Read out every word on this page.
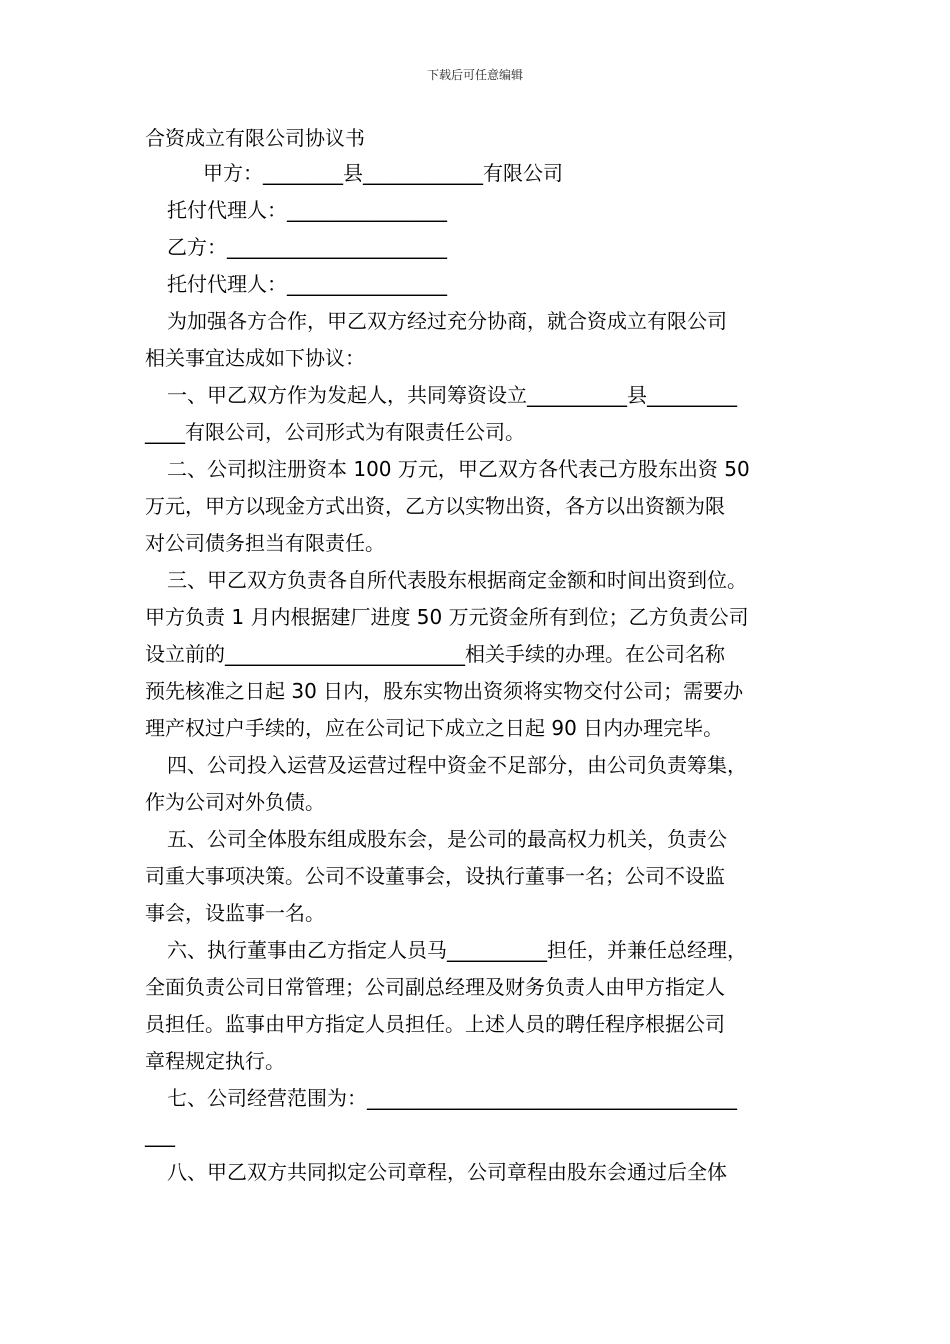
下载后可任意编辑
合资成立有限公司协议书
甲方：________县____________有限公司
托付代理人：________________
乙方：______________________
托付代理人：________________
为加强各方合作，甲乙双方经过充分协商，就合资成立有限公司
相关事宜达成如下协议：
一、甲乙双方作为发起人，共同筹资设立__________县_________
____有限公司，公司形式为有限责任公司。
二、公司拟注册资本 100 万元，甲乙双方各代表己方股东出资 50
万元，甲方以现金方式出资，乙方以实物出资，各方以出资额为限
对公司债务担当有限责任。
三、甲乙双方负责各自所代表股东根据商定金额和时间出资到位。
甲方负责 1 月内根据建厂进度 50 万元资金所有到位；乙方负责公司
设立前的________________________相关手续的办理。在公司名称
预先核准之日起 30 日内，股东实物出资须将实物交付公司；需要办
理产权过户手续的，应在公司记下成立之日起 90 日内办理完毕。
四、公司投入运营及运营过程中资金不足部分，由公司负责筹集，
作为公司对外负债。
五、公司全体股东组成股东会，是公司的最高权力机关，负责公
司重大事项决策。公司不设董事会，设执行董事一名；公司不设监
事会，设监事一名。
六、执行董事由乙方指定人员马__________担任，并兼任总经理，
全面负责公司日常管理；公司副总经理及财务负责人由甲方指定人
员担任。监事由甲方指定人员担任。上述人员的聘任程序根据公司
章程规定执行。
七、公司经营范围为：_____________________________________
___
八、甲乙双方共同拟定公司章程，公司章程由股东会通过后全体
